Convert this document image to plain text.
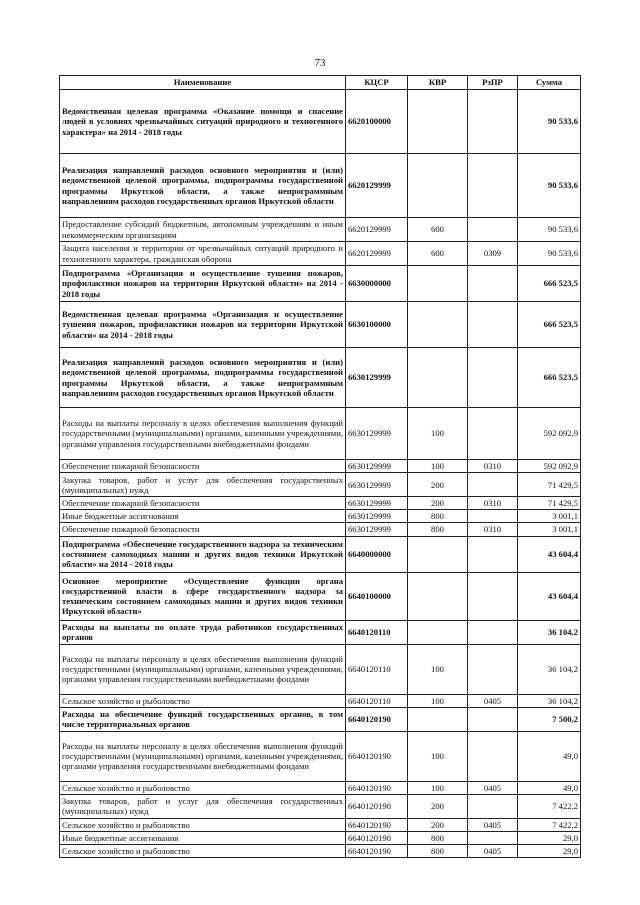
73
Наименование	КЦСР	КВР	РзПР	Сумма
Ведомственная целевая программа «Оказание помощи и спасение людей в условиях чрезвычайных ситуаций природного и техногенного характера» на 2014 - 2018 годы	6620100000			90 533,6
Реализация направлений расходов основного мероприятия и (или) ведомственной целевой программы, подпрограммы государственной программы Иркутской области, а также непрограммным направлениям расходов государственных органов Иркутской области	6620129999			90 533,6
Предоставление субсидий бюджетным, автономным учреждениям и иным некоммерческим организациям	6620129999	600		90 533,6
Защита населения и территории от чрезвычайных ситуаций природного и техногенного характера, гражданская оборона	6620129999	600	0309	90 533,6
Подпрограмма «Организация и осуществление тушения пожаров, профилактики пожаров на территории Иркутской области» на 2014 - 2018 годы	6630000000			666 523,5
Ведомственная целевая программа «Организация и осуществление тушения пожаров, профилактики пожаров на территории Иркутской области» на 2014 - 2018 годы	6630100000			666 523,5
Реализация направлений расходов основного мероприятия и (или) ведомственной целевой программы, подпрограммы государственной программы Иркутской области, а также непрограммным направлениям расходов государственных органов Иркутской области	6630129999			666 523,5
Расходы на выплаты персоналу в целях обеспечения выполнения функций государственными (муниципальными) органами, казенными учреждениями, органами управления государственными внебюджетными фондами	6630129999	100		592 092,9
Обеспечение пожарной безопасности	6630129999	100	0310	592 092,9
Закупка товаров, работ и услуг для обеспечения государственных (муниципальных) нужд	6630129999	200		71 429,5
Обеспечение пожарной безопасности	6630129999	200	0310	71 429,5
Иные бюджетные ассигнования	6630129999	800		3 001,1
Обеспечение пожарной безопасности	6630129999	800	0310	3 001,1
Подпрограмма «Обеспечение государственного надзора за техническим состоянием самоходных машин и других видов техники Иркутской области» на 2014 - 2018 годы	6640000000			43 604,4
Основное мероприятие «Осуществление функции органа государственной власти в сфере государственного надзора за техническим состоянием самоходных машин и других видов техники Иркутской области»	6640100000			43 604,4
Расходы на выплаты по оплате труда работников государственных органов	6640120110			36 104,2
Расходы на выплаты персоналу в целях обеспечения выполнения функций государственными (муниципальными) органами, казенными учреждениями, органами управления государственными внебюджетными фондами	6640120110	100		36 104,2
Сельское хозяйство и рыболовство	6640120110	100	0405	36 104,2
Расходы на обеспечение функций государственных органов, в том числе территориальных органов	6640120190			7 500,2
Расходы на выплаты персоналу в целях обеспечения выполнения функций государственными (муниципальными) органами, казенными учреждениями, органами управления государственными внебюджетными фондами	6640120190	100		49,0
Сельское хозяйство и рыболовство	6640120190	100	0405	49,0
Закупка товаров, работ и услуг для обеспечения государственных (муниципальных) нужд	6640120190	200		7 422,2
Сельское хозяйство и рыболовство	6640120190	200	0405	7 422,2
Иные бюджетные ассигнования	6640120190	800		29,0
Сельское хозяйство и рыболовство	6640120190	800	0405	29,0
